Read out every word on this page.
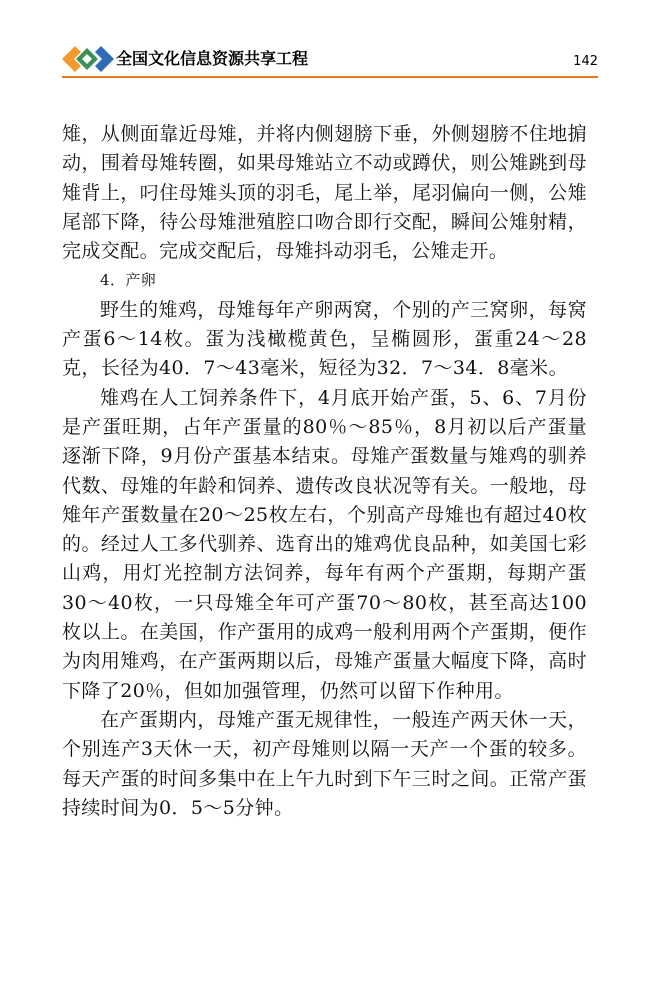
全国文化信息资源共享工程	142

雉，从侧面靠近母雉，并将内侧翅膀下垂，外侧翅膀不住地掮动，围着母雉转圈，如果母雉站立不动或蹲伏，则公雉跳到母雉背上，叼住母雉头顶的羽毛，尾上举，尾羽偏向一侧，公雉尾部下降，待公母雉泄殖腔口吻合即行交配，瞬间公雉射精，完成交配。完成交配后，母雉抖动羽毛，公雉走开。

4．产卵

野生的雉鸡，母雉每年产卵两窝，个别的产三窝卵，每窝产蛋6～14枚。蛋为浅橄榄黄色，呈椭圆形，蛋重24～28克，长径为40．7～43毫米，短径为32．7～34．8毫米。

雉鸡在人工饲养条件下，4月底开始产蛋，5、6、7月份是产蛋旺期，占年产蛋量的80％～85％，8月初以后产蛋量逐渐下降，9月份产蛋基本结束。母雉产蛋数量与雉鸡的驯养代数、母雉的年龄和饲养、遗传改良状况等有关。一般地，母雉年产蛋数量在20～25枚左右，个别高产母雉也有超过40枚的。经过人工多代驯养、选育出的雉鸡优良品种，如美国七彩山鸡，用灯光控制方法饲养，每年有两个产蛋期，每期产蛋30～40枚，一只母雉全年可产蛋70～80枚，甚至高达100枚以上。在美国，作产蛋用的成鸡一般利用两个产蛋期，便作为肉用雉鸡，在产蛋两期以后，母雉产蛋量大幅度下降，高时下降了20％，但如加强管理，仍然可以留下作种用。

在产蛋期内，母雉产蛋无规律性，一般连产两天休一天，个别连产3天休一天，初产母雉则以隔一天产一个蛋的较多。每天产蛋的时间多集中在上午九时到下午三时之间。正常产蛋持续时间为0．5～5分钟。
